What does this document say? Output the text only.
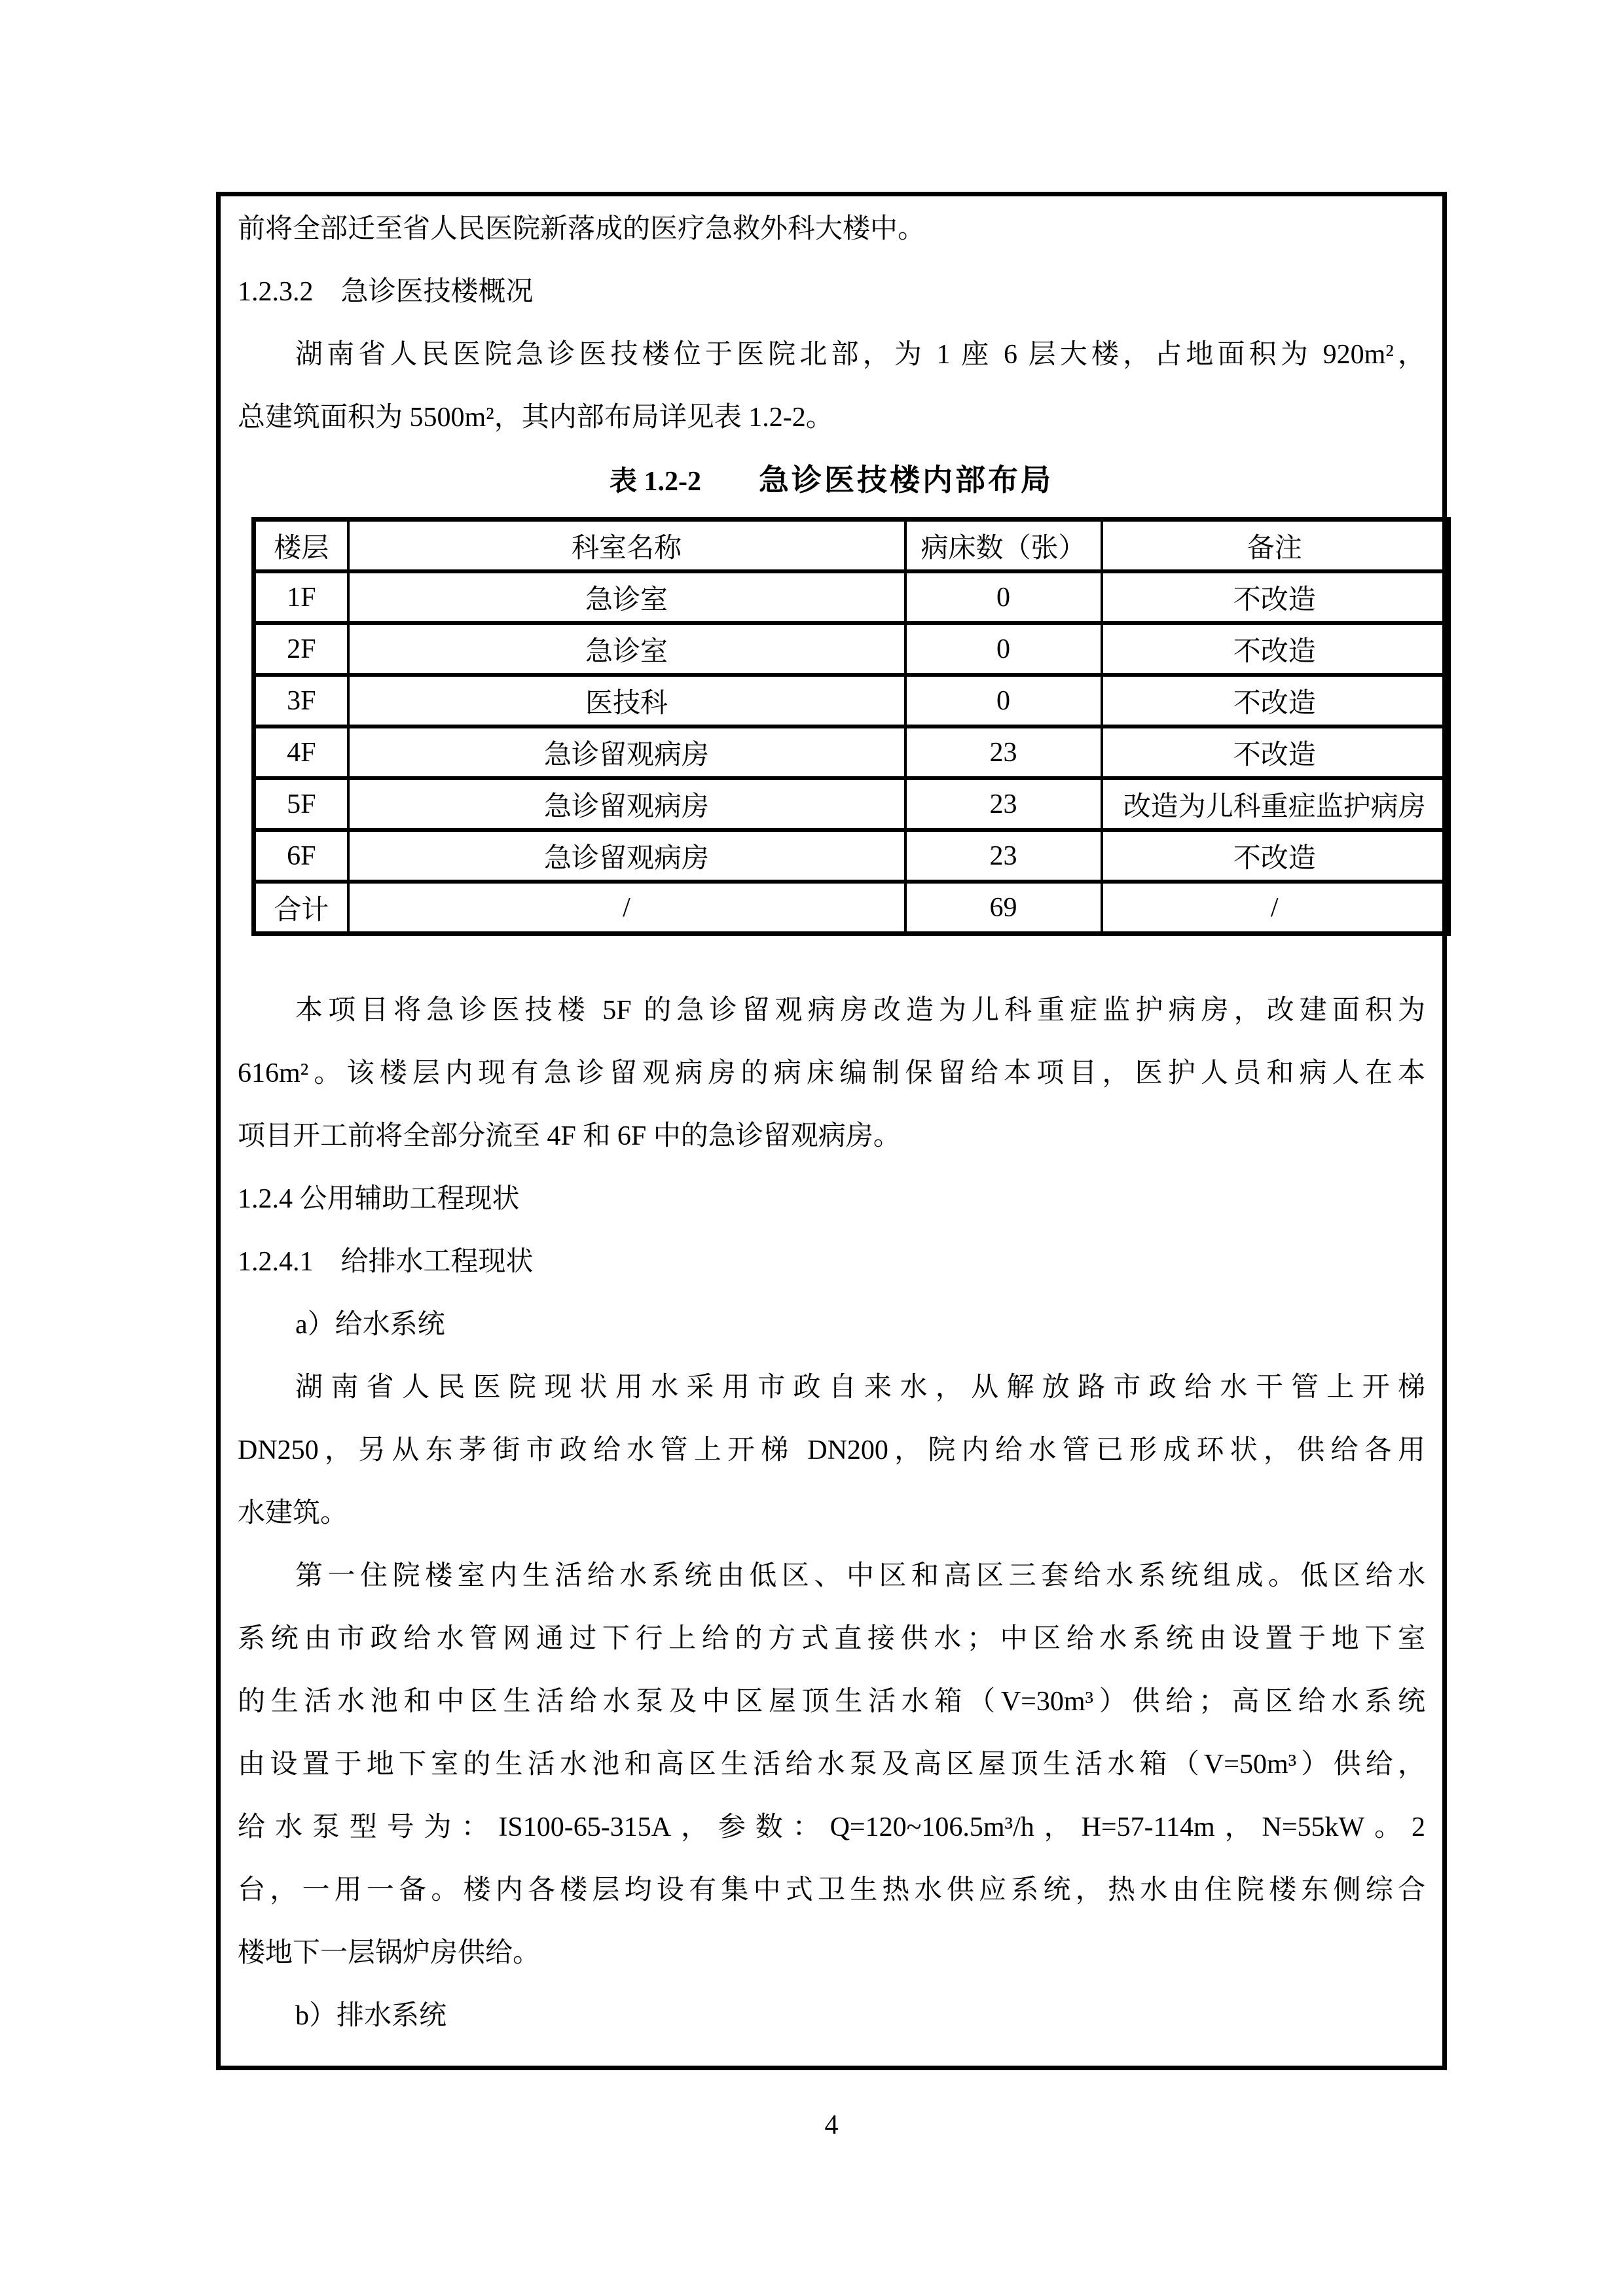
前将全部迁至省人民医院新落成的医疗急救外科大楼中。

1.2.3.2　急诊医技楼概况

湖南省人民医院急诊医技楼位于医院北部，为 1 座 6 层大楼，占地面积为 920m²，

总建筑面积为 5500m²，其内部布局详见表 1.2-2。

表 1.2-2 急诊医技楼内部布局

楼层	科室名称	病床数（张）	备注
1F	急诊室	0	不改造
2F	急诊室	0	不改造
3F	医技科	0	不改造
4F	急诊留观病房	23	不改造
5F	急诊留观病房	23	改造为儿科重症监护病房
6F	急诊留观病房	23	不改造
合计	/	69	/

本项目将急诊医技楼 5F 的急诊留观病房改造为儿科重症监护病房，改建面积为

616m²。该楼层内现有急诊留观病房的病床编制保留给本项目，医护人员和病人在本

项目开工前将全部分流至 4F 和 6F 中的急诊留观病房。

1.2.4 公用辅助工程现状

1.2.4.1　给排水工程现状

a）给水系统

湖南省人民医院现状用水采用市政自来水，从解放路市政给水干管上开梯

DN250，另从东茅街市政给水管上开梯 DN200，院内给水管已形成环状，供给各用

水建筑。

第一住院楼室内生活给水系统由低区、中区和高区三套给水系统组成。低区给水

系统由市政给水管网通过下行上给的方式直接供水；中区给水系统由设置于地下室

的生活水池和中区生活给水泵及中区屋顶生活水箱（V=30m³）供给；高区给水系统

由设置于地下室的生活水池和高区生活给水泵及高区屋顶生活水箱（V=50m³）供给，

给水泵型号为：IS100-65-315A，参数：Q=120~106.5m³/h，H=57-114m，N=55kW。2

台，一用一备。楼内各楼层均设有集中式卫生热水供应系统，热水由住院楼东侧综合

楼地下一层锅炉房供给。

b）排水系统

4
